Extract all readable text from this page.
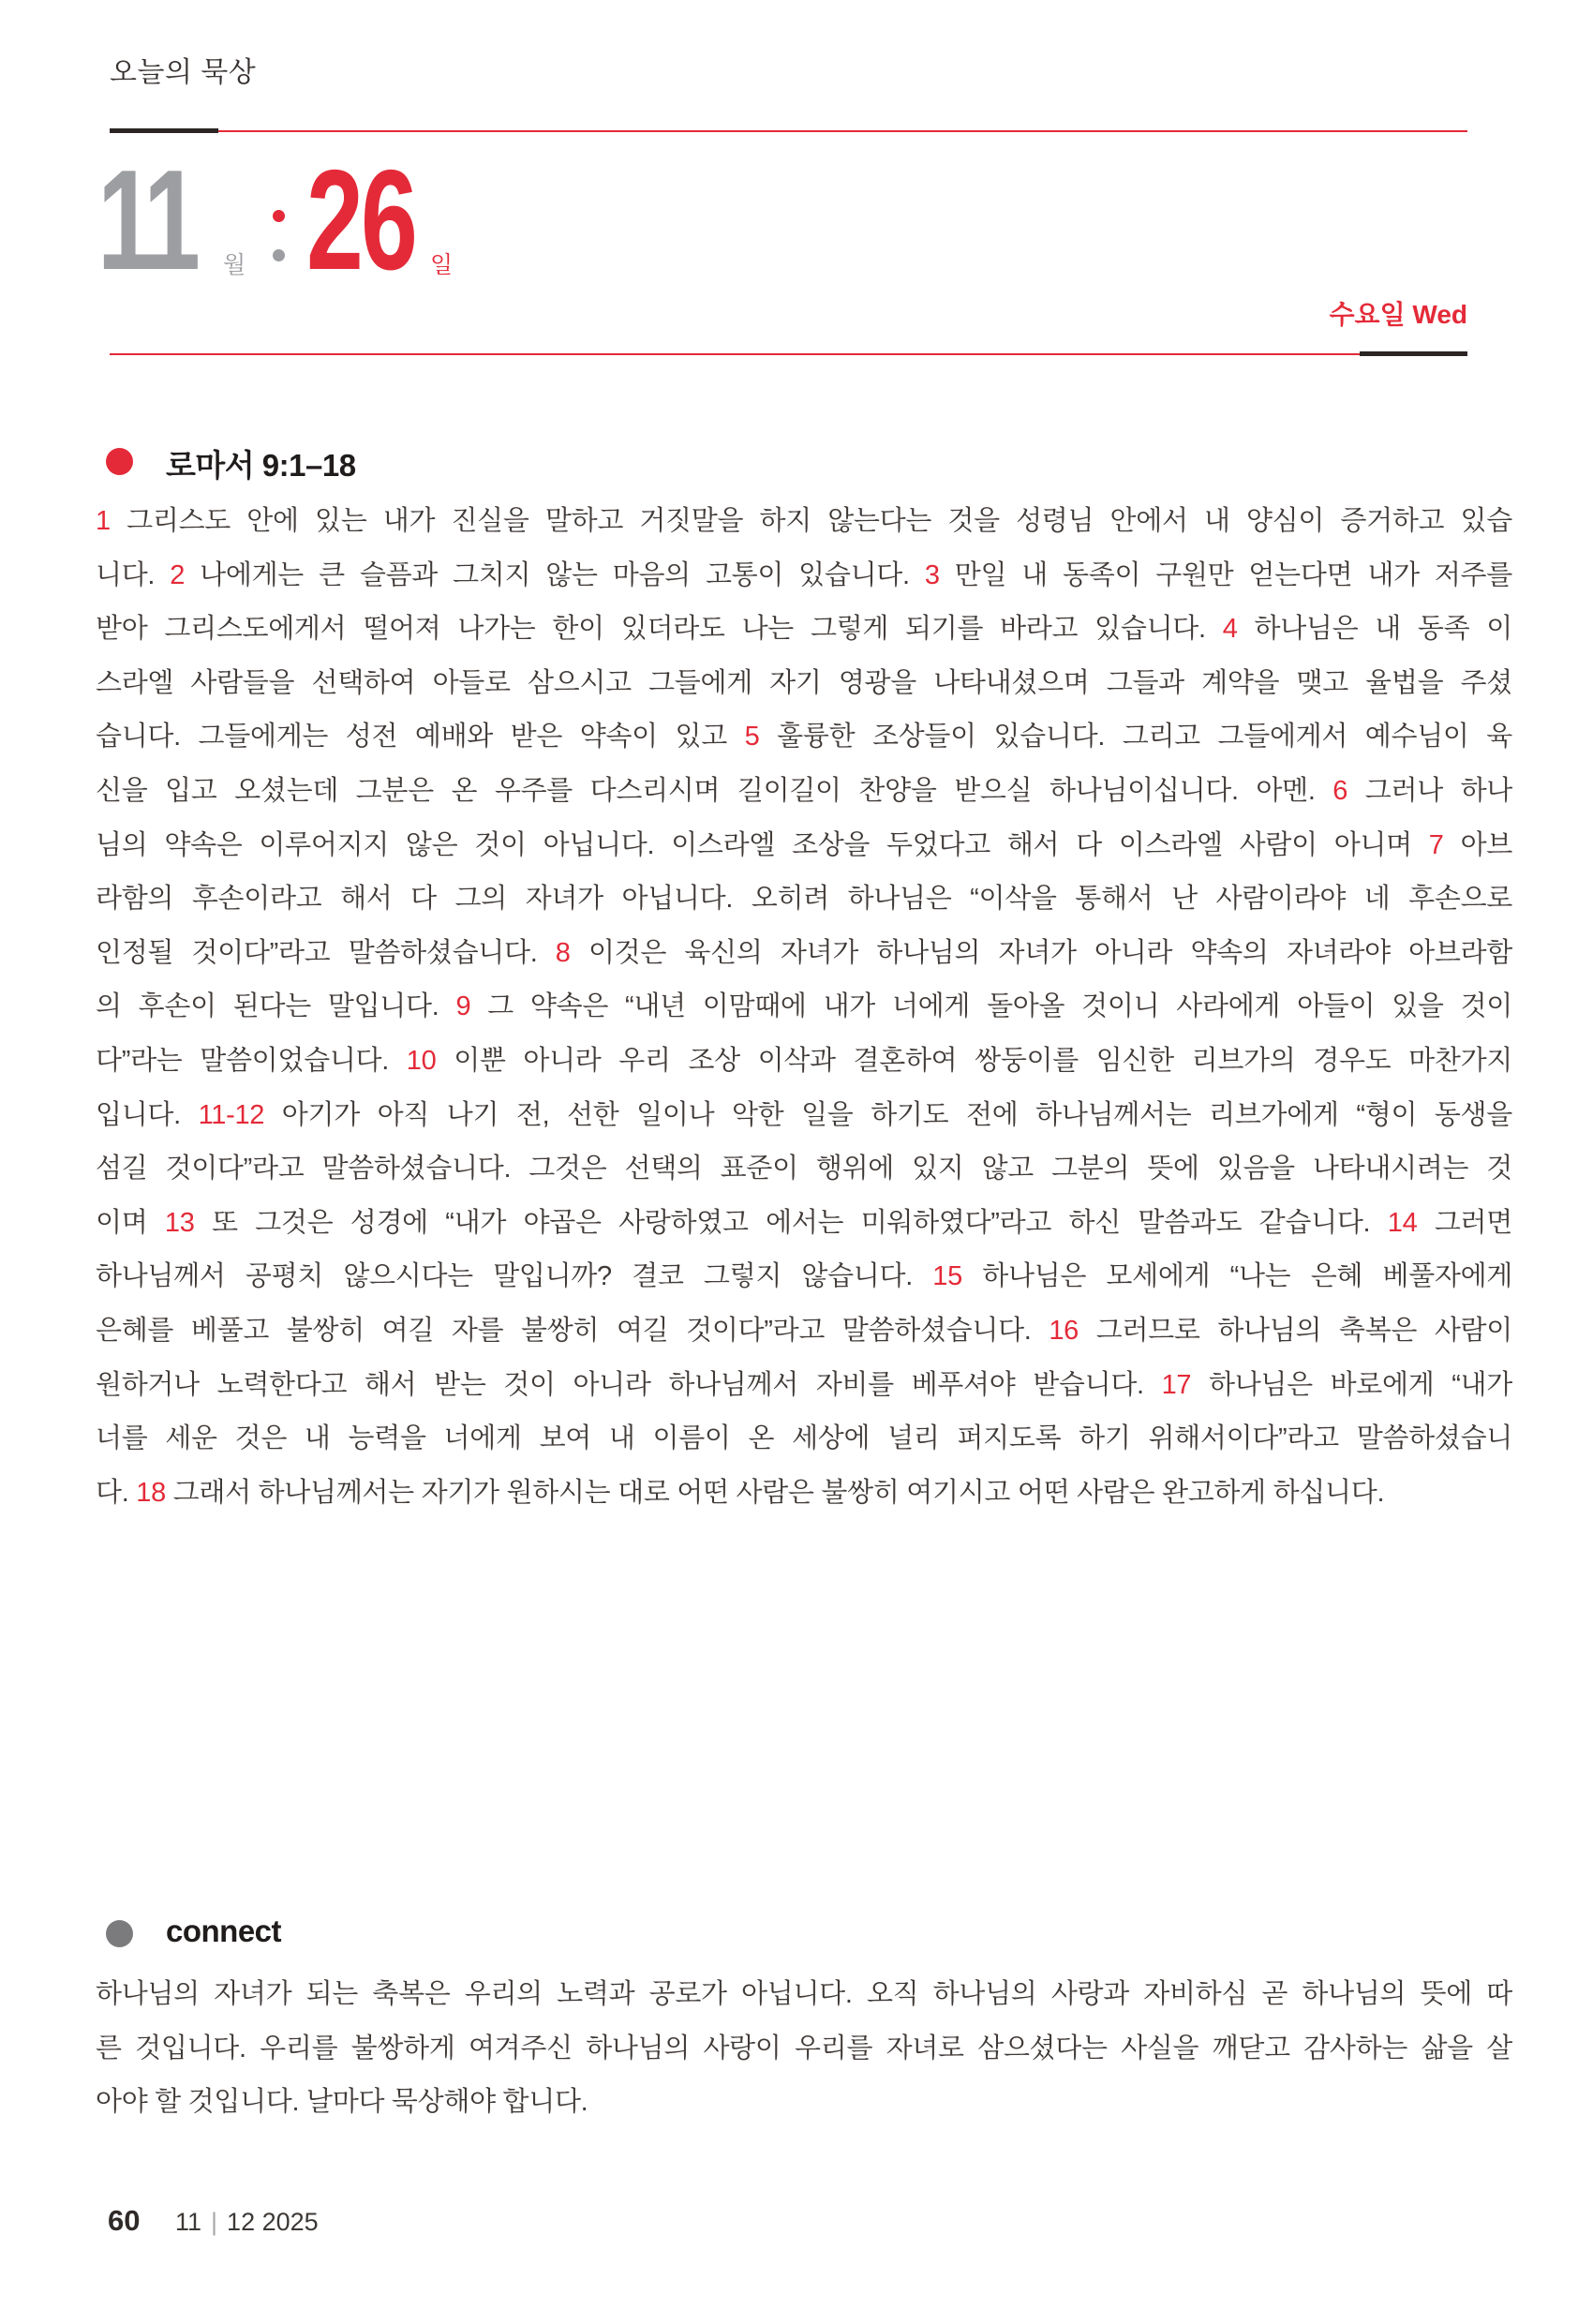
오늘의 묵상
11 월 26 일
수요일 Wed
로마서 9:1–18
1 그리스도 안에 있는 내가 진실을 말하고 거짓말을 하지 않는다는 것을 성령님 안에서 내 양심이 증거하고 있습
니다. 2 나에게는 큰 슬픔과 그치지 않는 마음의 고통이 있습니다. 3 만일 내 동족이 구원만 얻는다면 내가 저주를
받아 그리스도에게서 떨어져 나가는 한이 있더라도 나는 그렇게 되기를 바라고 있습니다. 4 하나님은 내 동족 이
스라엘 사람들을 선택하여 아들로 삼으시고 그들에게 자기 영광을 나타내셨으며 그들과 계약을 맺고 율법을 주셨
습니다. 그들에게는 성전 예배와 받은 약속이 있고 5 훌륭한 조상들이 있습니다. 그리고 그들에게서 예수님이 육
신을 입고 오셨는데 그분은 온 우주를 다스리시며 길이길이 찬양을 받으실 하나님이십니다. 아멘. 6 그러나 하나
님의 약속은 이루어지지 않은 것이 아닙니다. 이스라엘 조상을 두었다고 해서 다 이스라엘 사람이 아니며 7 아브
라함의 후손이라고 해서 다 그의 자녀가 아닙니다. 오히려 하나님은 “이삭을 통해서 난 사람이라야 네 후손으로
인정될 것이다”라고 말씀하셨습니다. 8 이것은 육신의 자녀가 하나님의 자녀가 아니라 약속의 자녀라야 아브라함
의 후손이 된다는 말입니다. 9 그 약속은 “내년 이맘때에 내가 너에게 돌아올 것이니 사라에게 아들이 있을 것이
다”라는 말씀이었습니다. 10 이뿐 아니라 우리 조상 이삭과 결혼하여 쌍둥이를 임신한 리브가의 경우도 마찬가지
입니다. 11-12 아기가 아직 나기 전, 선한 일이나 악한 일을 하기도 전에 하나님께서는 리브가에게 “형이 동생을
섬길 것이다”라고 말씀하셨습니다. 그것은 선택의 표준이 행위에 있지 않고 그분의 뜻에 있음을 나타내시려는 것
이며 13 또 그것은 성경에 “내가 야곱은 사랑하였고 에서는 미워하였다”라고 하신 말씀과도 같습니다. 14 그러면
하나님께서 공평치 않으시다는 말입니까? 결코 그렇지 않습니다. 15 하나님은 모세에게 “나는 은혜 베풀자에게
은혜를 베풀고 불쌍히 여길 자를 불쌍히 여길 것이다”라고 말씀하셨습니다. 16 그러므로 하나님의 축복은 사람이
원하거나 노력한다고 해서 받는 것이 아니라 하나님께서 자비를 베푸셔야 받습니다. 17 하나님은 바로에게 “내가
너를 세운 것은 내 능력을 너에게 보여 내 이름이 온 세상에 널리 퍼지도록 하기 위해서이다”라고 말씀하셨습니
다. 18 그래서 하나님께서는 자기가 원하시는 대로 어떤 사람은 불쌍히 여기시고 어떤 사람은 완고하게 하십니다.
connect
하나님의 자녀가 되는 축복은 우리의 노력과 공로가 아닙니다. 오직 하나님의 사랑과 자비하심 곧 하나님의 뜻에 따
른 것입니다. 우리를 불쌍하게 여겨주신 하나님의 사랑이 우리를 자녀로 삼으셨다는 사실을 깨닫고 감사하는 삶을 살
아야 할 것입니다. 날마다 묵상해야 합니다.
60 11 | 12 2025
